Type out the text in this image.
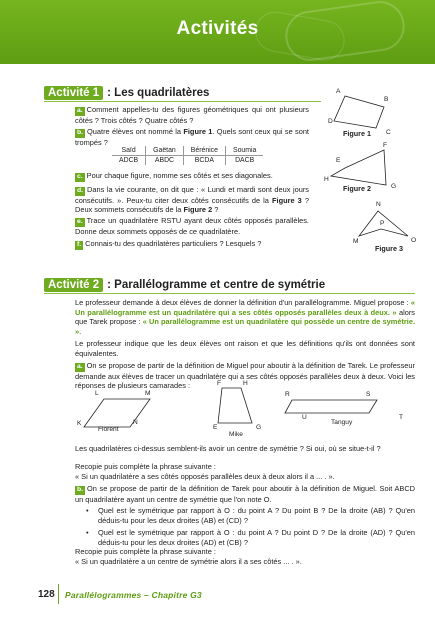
Activités
Activité 1 : Les quadrilatères
a. Comment appelles-tu des figures géométriques qui ont plusieurs côtés ? Trois côtés ? Quatre côtés ?
b. Quatre élèves ont nommé la Figure 1. Quels sont ceux qui se sont trompés ?
Saïd	Gaëtan	Bérénice	Soumia
ADCB	ABDC	BCDA	DACB
c. Pour chaque figure, nomme ses côtés et ses diagonales.
d. Dans la vie courante, on dit que : « Lundi et mardi sont deux jours consécutifs. ». Peux-tu citer deux côtés consécutifs de la Figure 3 ? Deux sommets consécutifs de la Figure 2 ?
e. Trace un quadrilatère RSTU ayant deux côtés opposés parallèles. Donne deux sommets opposés de ce quadrilatère.
f. Connais-tu des quadrilatères particuliers ? Lesquels ?
A
B
C
D
Figure 1
E
F
G
H
Figure 2
N
P
M	O
Figure 3
Activité 2 : Parallélogramme et centre de symétrie
Le professeur demande à deux élèves de donner la définition d'un parallélogramme. Miguel propose : « Un parallélogramme est un quadrilatère qui a ses côtés opposés parallèles deux à deux. » alors que Tarek propose : « Un parallélogramme est un quadrilatère qui possède un centre de symétrie. ».
Le professeur indique que les deux élèves ont raison et que les définitions qu'ils ont données sont équivalentes.
a. On se propose de partir de la définition de Miguel pour aboutir à la définition de Tarek. Le professeur demande aux élèves de tracer un quadrilatère qui a ses côtés opposés parallèles deux à deux. Voici les réponses de plusieurs camarades :
L	M
N
K
Florent
F	H
G
E
Mike
R	S
T
U
Tanguy
Les quadrilatères ci-dessus semblent-ils avoir un centre de symétrie ? Si oui, où se situe-t-il ?
Recopie puis complète la phrase suivante :
« Si un quadrilatère a ses côtés opposés parallèles deux à deux alors il a ... . ».
b. On se propose de partir de la définition de Tarek pour aboutir à la définition de Miguel. Soit ABCD un quadrilatère ayant un centre de symétrie que l'on note O.
• Quel est le symétrique par rapport à O : du point A ? Du point B ? De la droite (AB) ? Qu'en déduis-tu pour les deux droites (AB) et (CD) ?
• Quel est le symétrique par rapport à O : du point A ? Du point D ? De la droite (AD) ? Qu'en déduis-tu pour les deux droites (AD) et (CB) ?
Recopie puis complète la phrase suivante :
« Si un quadrilatère a un centre de symétrie alors il a ses côtés ... . ».
128 Parallélogrammes – Chapitre G3
